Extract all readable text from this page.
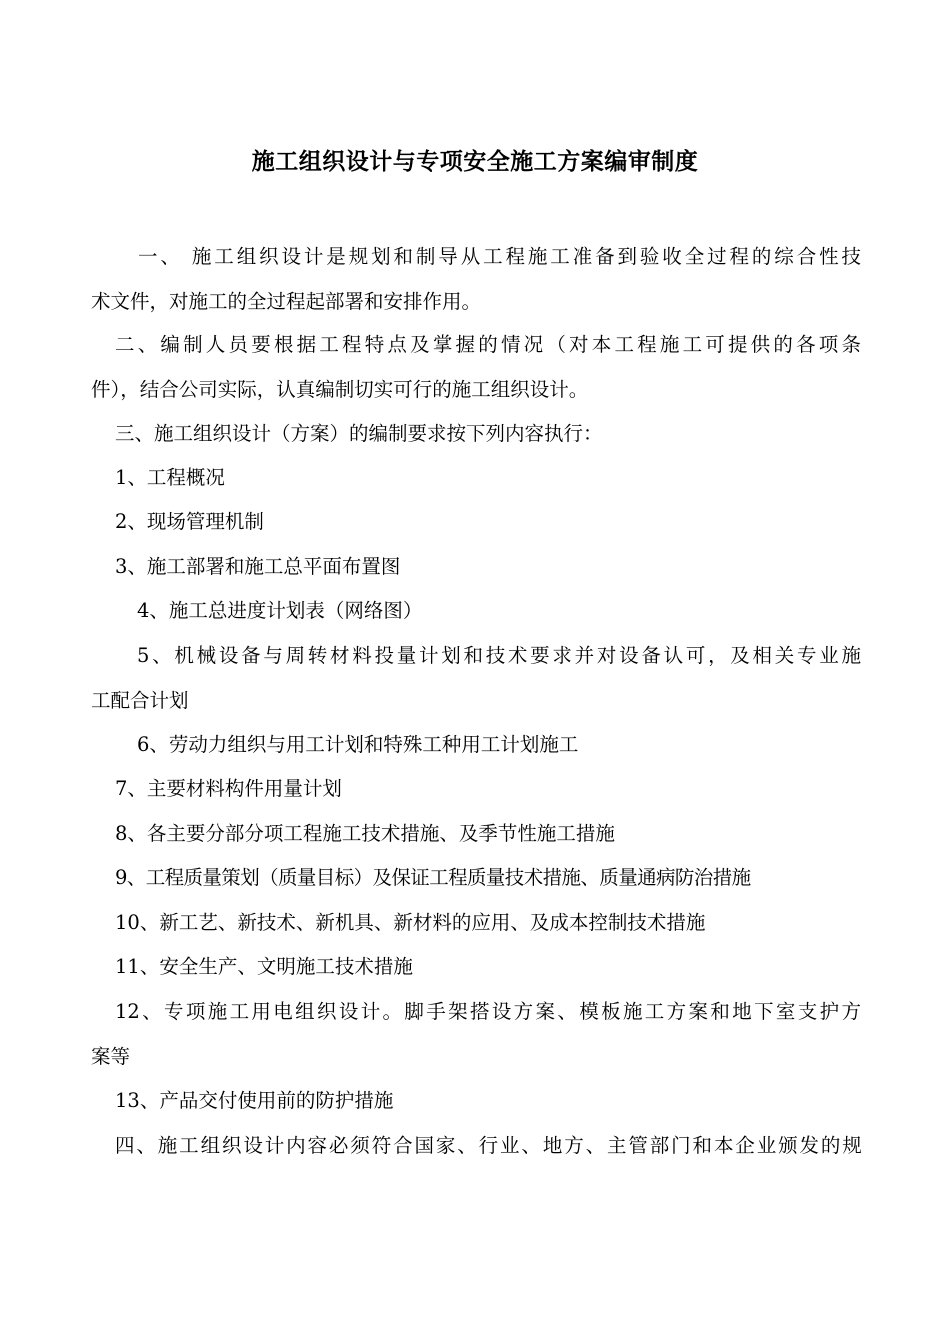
施工组织设计与专项安全施工方案编审制度
一、 施工组织设计是规划和制导从工程施工准备到验收全过程的综合性技
术文件，对施工的全过程起部署和安排作用。
二、编制人员要根据工程特点及掌握的情况（对本工程施工可提供的各项条
件），结合公司实际，认真编制切实可行的施工组织设计。
三、施工组织设计（方案）的编制要求按下列内容执行：
1、工程概况
2、现场管理机制
3、施工部署和施工总平面布置图
4、施工总进度计划表（网络图）
5、机械设备与周转材料投量计划和技术要求并对设备认可，及相关专业施
工配合计划
6、劳动力组织与用工计划和特殊工种用工计划施工
7、主要材料构件用量计划
8、各主要分部分项工程施工技术措施、及季节性施工措施
9、工程质量策划（质量目标）及保证工程质量技术措施、质量通病防治措施
10、新工艺、新技术、新机具、新材料的应用、及成本控制技术措施
11、安全生产、文明施工技术措施
12、专项施工用电组织设计。脚手架搭设方案、模板施工方案和地下室支护方
案等
13、产品交付使用前的防护措施
四、施工组织设计内容必须符合国家、行业、地方、主管部门和本企业颁发的规
